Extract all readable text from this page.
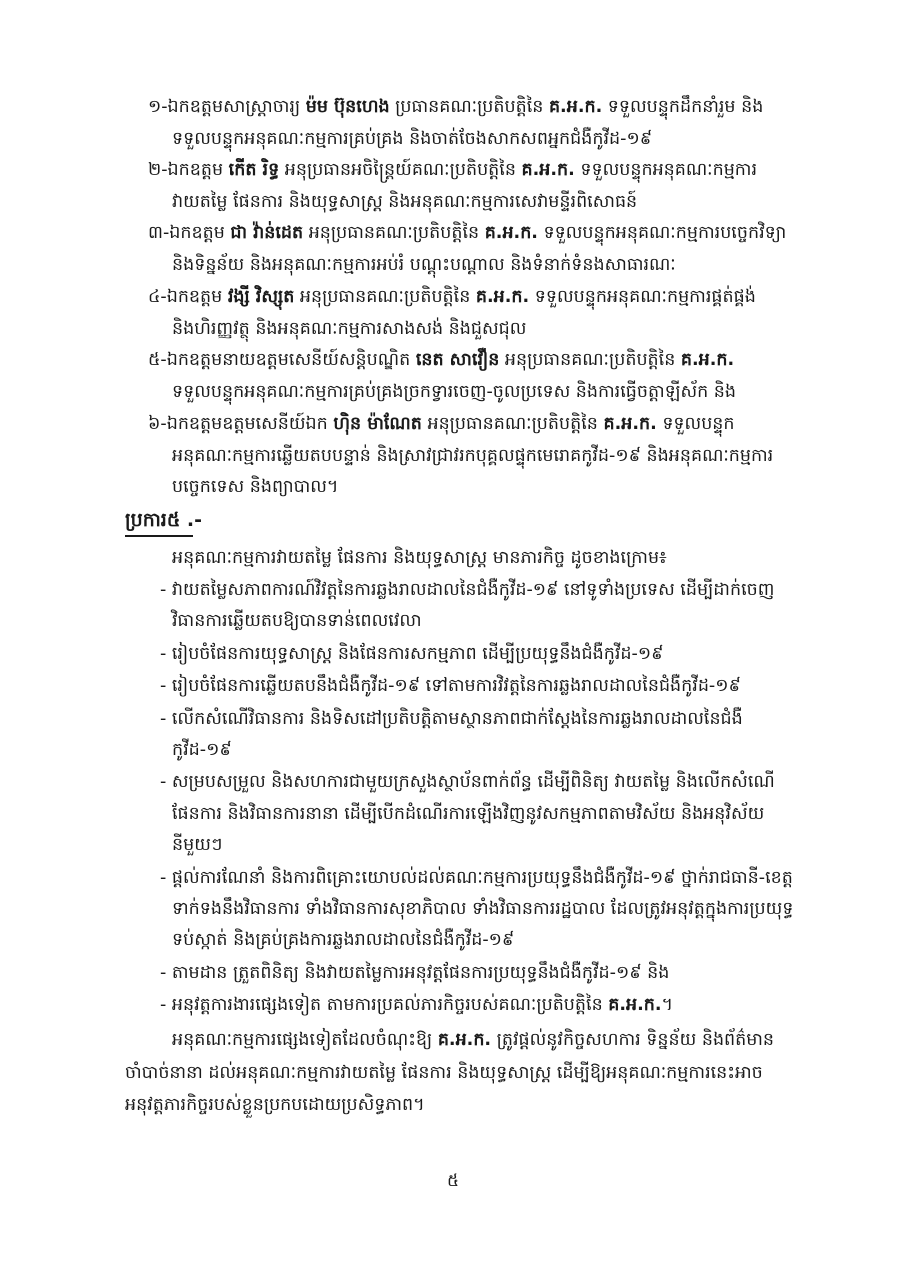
១-ឯកឧត្តមសាស្ត្រាចារ្យ ម៉ម ប៊ុនហេង ប្រធានគណៈប្រតិបត្តិនៃ គ.អ.ក. ទទួលបន្ទុកដឹកនាំរួម និង
ទទួលបន្ទុកអនុគណៈកម្មការគ្រប់គ្រង និងចាត់ចែងសាកសពអ្នកជំងឺកូវីដ-១៩
២-ឯកឧត្តម កើត រិទ្ធ អនុប្រធានអចិន្ត្រៃយ៍គណៈប្រតិបត្តិនៃ គ.អ.ក. ទទួលបន្ទុកអនុគណៈកម្មការ
វាយតម្លៃ ផែនការ និងយុទ្ធសាស្ត្រ និងអនុគណៈកម្មការសេវាមន្ទីរពិសោធន៍
៣-ឯកឧត្តម ជា វ៉ាន់ដេត អនុប្រធានគណៈប្រតិបត្តិនៃ គ.អ.ក. ទទួលបន្ទុកអនុគណៈកម្មការបច្ចេកវិទ្យា
និងទិន្នន័យ និងអនុគណៈកម្មការអប់រំ បណ្តុះបណ្តាល និងទំនាក់ទំនងសាធារណៈ
៤-ឯកឧត្តម វង្សី វិស្សុត អនុប្រធានគណៈប្រតិបត្តិនៃ គ.អ.ក. ទទួលបន្ទុកអនុគណៈកម្មការផ្គត់ផ្គង់
និងហិរញ្ញវត្ថុ និងអនុគណៈកម្មការសាងសង់ និងជួសជុល
៥-ឯកឧត្តមនាយឧត្តមសេនីយ៍សន្តិបណ្ឌិត នេត សាវឿន អនុប្រធានគណៈប្រតិបត្តិនៃ គ.អ.ក.
ទទួលបន្ទុកអនុគណៈកម្មការគ្រប់គ្រងច្រកទ្វារចេញ-ចូលប្រទេស និងការធ្វើចត្តាឡីស័ក និង
៦-ឯកឧត្តមឧត្តមសេនីយ៍ឯក ហ៊ិន ម៉ាណែត អនុប្រធានគណៈប្រតិបត្តិនៃ គ.អ.ក. ទទួលបន្ទុក
អនុគណៈកម្មការឆ្លើយតបបន្ទាន់ និងស្រាវជ្រាវរកបុគ្គលផ្ទុកមេរោគកូវីដ-១៩ និងអនុគណៈកម្មការ
បច្ចេកទេស និងព្យាបាល។
ប្រការ៥ .-
អនុគណៈកម្មការវាយតម្លៃ ផែនការ និងយុទ្ធសាស្ត្រ មានភារកិច្ច ដូចខាងក្រោម៖
- វាយតម្លៃសភាពការណ៍វិវត្តនៃការឆ្លងរាលដាលនៃជំងឺកូវីដ-១៩ នៅទូទាំងប្រទេស ដើម្បីដាក់ចេញ
វិធានការឆ្លើយតបឱ្យបានទាន់ពេលវេលា
- រៀបចំផែនការយុទ្ធសាស្ត្រ និងផែនការសកម្មភាព ដើម្បីប្រយុទ្ធនឹងជំងឺកូវីដ-១៩
- រៀបចំផែនការឆ្លើយតបនឹងជំងឺកូវីដ-១៩ ទៅតាមការវិវត្តនៃការឆ្លងរាលដាលនៃជំងឺកូវីដ-១៩
- លើកសំណើវិធានការ និងទិសដៅប្រតិបត្តិតាមស្ថានភាពជាក់ស្តែងនៃការឆ្លងរាលដាលនៃជំងឺ
កូវីដ-១៩
- សម្របសម្រួល និងសហការជាមួយក្រសួងស្ថាប័នពាក់ព័ន្ធ ដើម្បីពិនិត្យ វាយតម្លៃ និងលើកសំណើ
ផែនការ និងវិធានការនានា ដើម្បីបើកដំណើរការឡើងវិញនូវសកម្មភាពតាមវិស័យ និងអនុវិស័យ
នីមួយៗ
- ផ្តល់ការណែនាំ និងការពិគ្រោះយោបល់ដល់គណៈកម្មការប្រយុទ្ធនឹងជំងឺកូវីដ-១៩ ថ្នាក់រាជធានី-ខេត្ត
ទាក់ទងនឹងវិធានការ ទាំងវិធានការសុខាភិបាល ទាំងវិធានការរដ្ឋបាល ដែលត្រូវអនុវត្តក្នុងការប្រយុទ្ធ
ទប់ស្កាត់ និងគ្រប់គ្រងការឆ្លងរាលដាលនៃជំងឺកូវីដ-១៩
- តាមដាន ត្រួតពិនិត្យ និងវាយតម្លៃការអនុវត្តផែនការប្រយុទ្ធនឹងជំងឺកូវីដ-១៩ និង
- អនុវត្តការងារផ្សេងទៀត តាមការប្រគល់ភារកិច្ចរបស់គណៈប្រតិបត្តិនៃ គ.អ.ក.។
អនុគណៈកម្មការផ្សេងទៀតដែលចំណុះឱ្យ គ.អ.ក. ត្រូវផ្តល់នូវកិច្ចសហការ ទិន្នន័យ និងព័ត៌មាន
ចាំបាច់នានា ដល់អនុគណៈកម្មការវាយតម្លៃ ផែនការ និងយុទ្ធសាស្ត្រ ដើម្បីឱ្យអនុគណៈកម្មការនេះអាច
អនុវត្តភារកិច្ចរបស់ខ្លួនប្រកបដោយប្រសិទ្ធភាព។
៥
